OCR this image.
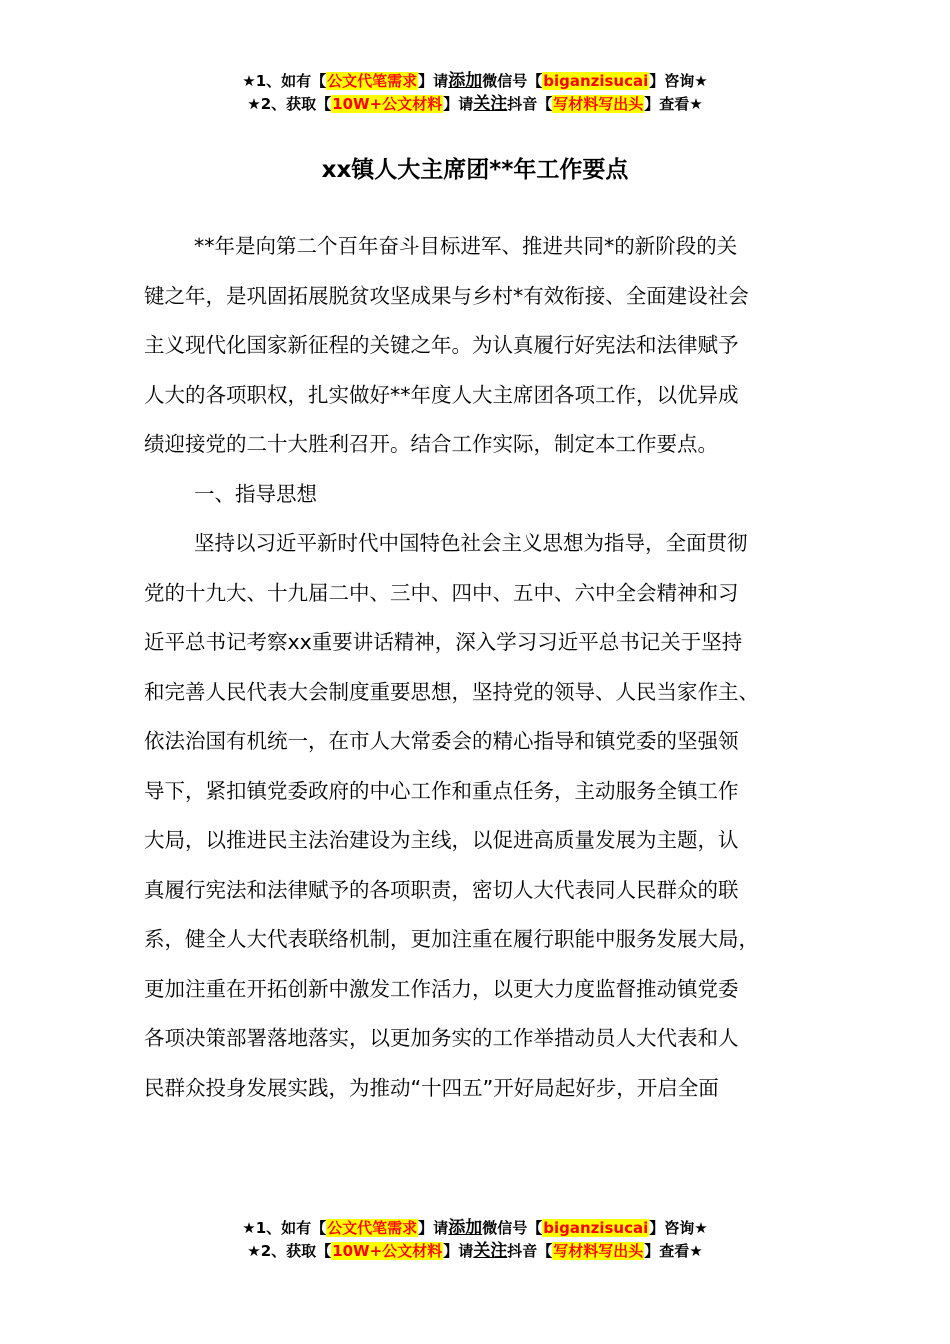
★1、如有【公文代笔需求】请添加微信号【biganzisucai】咨询★
★2、获取【10W+公文材料】请关注抖音【写材料写出头】查看★
xx镇人大主席团**年工作要点
**年是向第二个百年奋斗目标进军、推进共同*的新阶段的关
键之年，是巩固拓展脱贫攻坚成果与乡村*有效衔接、全面建设社会
主义现代化国家新征程的关键之年。为认真履行好宪法和法律赋予
人大的各项职权，扎实做好**年度人大主席团各项工作，以优异成
绩迎接党的二十大胜利召开。结合工作实际，制定本工作要点。
一、指导思想
坚持以习近平新时代中国特色社会主义思想为指导，全面贯彻
党的十九大、十九届二中、三中、四中、五中、六中全会精神和习
近平总书记考察xx重要讲话精神，深入学习习近平总书记关于坚持
和完善人民代表大会制度重要思想，坚持党的领导、人民当家作主、
依法治国有机统一，在市人大常委会的精心指导和镇党委的坚强领
导下，紧扣镇党委政府的中心工作和重点任务，主动服务全镇工作
大局，以推进民主法治建设为主线，以促进高质量发展为主题，认
真履行宪法和法律赋予的各项职责，密切人大代表同人民群众的联
系，健全人大代表联络机制，更加注重在履行职能中服务发展大局，
更加注重在开拓创新中激发工作活力，以更大力度监督推动镇党委
各项决策部署落地落实，以更加务实的工作举措动员人大代表和人
民群众投身发展实践，为推动“十四五”开好局起好步，开启全面
★1、如有【公文代笔需求】请添加微信号【biganzisucai】咨询★
★2、获取【10W+公文材料】请关注抖音【写材料写出头】查看★
